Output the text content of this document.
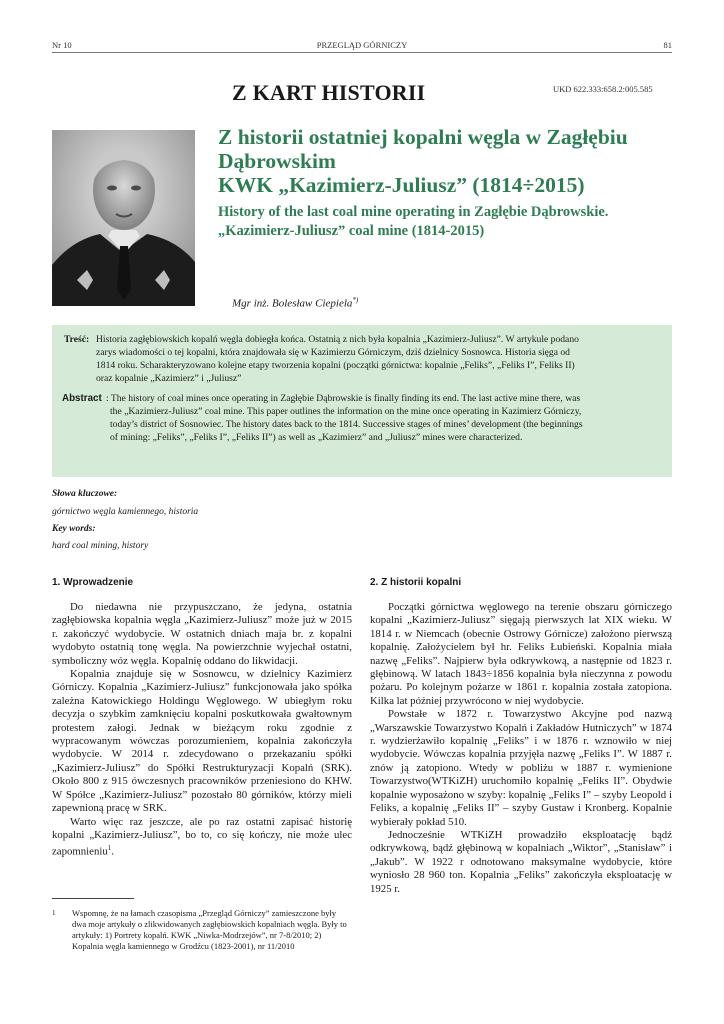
Nr 10	PRZEGLĄD GÓRNICZY	81
Z KART HISTORII	UKD 622.333:658.2:005.585
Z historii ostatniej kopalni węgla w Zagłębiu
Dąbrowskim
KWK „Kazimierz-Juliusz” (1814÷2015)
History of the last coal mine operating in Zagłębie Dąbrowskie.
„Kazimierz-Juliusz” coal mine (1814-2015)
Mgr inż. Bolesław Ciepiela*)
Treść: Historia zagłębiowskich kopalń węgla dobiegła końca. Ostatnią z nich była kopalnia „Kazimierz-Juliusz”. W artykule podano
zarys wiadomości o tej kopalni, która znajdowała się w Kazimierzu Górniczym, dziś dzielnicy Sosnowca. Historia sięga od
1814 roku. Scharakteryzowano kolejne etapy tworzenia kopalni (początki górnictwa: kopalnie „Feliks”, „Feliks I”, Feliks II)
oraz kopalnie „Kazimierz” i „Juliusz”
Abstract : The history of coal mines once operating in Zagłębie Dąbrowskie is finally finding its end. The last active mine there, was
the „Kazimierz-Juliusz” coal mine. This paper outlines the information on the mine once operating in Kazimierz Górniczy,
today’s district of Sosnowiec. The history dates back to the 1814. Successive stages of mines’ development (the beginnings
of mining: „Feliks”, „Feliks I”, „Feliks II”) as well as „Kazimierz” and „Juliusz” mines were characterized.
Słowa kluczowe:
górnictwo węgla kamiennego, historia
Key words:
hard coal mining, history
1. Wprowadzenie

Do niedawna nie przypuszczano, że jedyna, ostatnia zagłębiowska kopalnia węgla „Kazimierz-Juliusz” może już w 2015 r. zakończyć wydobycie. W ostatnich dniach maja br. z kopalni wydobyto ostatnią tonę węgla. Na powierzchnie wyjechał ostatni, symboliczny wóz węgla. Kopalnię oddano do likwidacji.

Kopalnia znajduje się w Sosnowcu, w dzielnicy Kazimierz Górniczy. Kopalnia „Kazimierz-Juliusz” funkcjonowała jako spółka zależna Katowickiego Holdingu Węglowego. W ubiegłym roku decyzja o szybkim zamknięciu kopalni poskutkowała gwałtownym protestem załogi. Jednak w bieżącym roku zgodnie z wypracowanym wówczas porozumieniem, kopalnia zakończyła wydobycie. W 2014 r. zdecydowano o przekazaniu spółki „Kazimierz-Juliusz” do Spółki Restrukturyzacji Kopalń (SRK). Około 800 z 915 ówczesnych pracowników przeniesiono do KHW. W Spółce „Kazimierz-Juliusz” pozostało 80 górników, którzy mieli zapewnioną pracę w SRK.

Warto więc raz jeszcze, ale po raz ostatni zapisać historię kopalni „Kazimierz-Juliusz”, bo to, co się kończy, nie może ulec zapomnieniu$^1$.

2. Z historii kopalni

Początki górnictwa węglowego na terenie obszaru górniczego kopalni „Kazimierz-Juliusz” sięgają pierwszych lat XIX wieku. W 1814 r. w Niemcach (obecnie Ostrowy Górnicze) założono pierwszą kopalnię. Założycielem był hr. Feliks Łubieński. Kopalnia miała nazwę „Feliks”. Najpierw była odkrywkową, a następnie od 1823 r. głębinową. W latach 1843÷1856 kopalnia była nieczynna z powodu pożaru. Po kolejnym pożarze w 1861 r. kopalnia została zatopiona. Kilka lat później przywrócono w niej wydobycie.

Powstałe w 1872 r. Towarzystwo Akcyjne pod nazwą „Warszawskie Towarzystwo Kopalń i Zakładów Hutniczych” w 1874 r. wydzierżawiło kopalnię „Feliks” i w 1876 r. wznowiło w niej wydobycie. Wówczas kopalnia przyjęła nazwę „Feliks I”. W 1887 r. znów ją zatopiono. Wtedy w pobliżu w 1887 r. wymienione Towarzystwo(WTKiZH) uruchomiło kopalnię „Feliks II”. Obydwie kopalnie wyposażono w szyby: kopalnię „Feliks I” – szyby Leopold i Feliks, a kopalnię „Feliks II” – szyby Gustaw i Kronberg. Kopalnie wybierały pokład 510.

Jednocześnie WTKiZH prowadziło eksploatację bądź odkrywkową, bądź głębinową w kopalniach „Wiktor”, „Stanisław” i „Jakub”. W 1922 r odnotowano maksymalne wydobycie, które wyniosło 28 960 ton. Kopalnia „Feliks” zakończyła eksploatację w 1925 r.

1 Wspomnę, że na łamach czasopisma „Przegląd Górniczy” zamieszczone były dwa moje artykuły o zlikwidowanych zagłębiowskich kopalniach węgla. Były to artykuły: 1) Portrety kopalń. KWK „Niwka-Modrzejów”, nr 7-8/2010; 2) Kopalnia węgla kamiennego w Grodźcu (1823-2001), nr 11/2010
